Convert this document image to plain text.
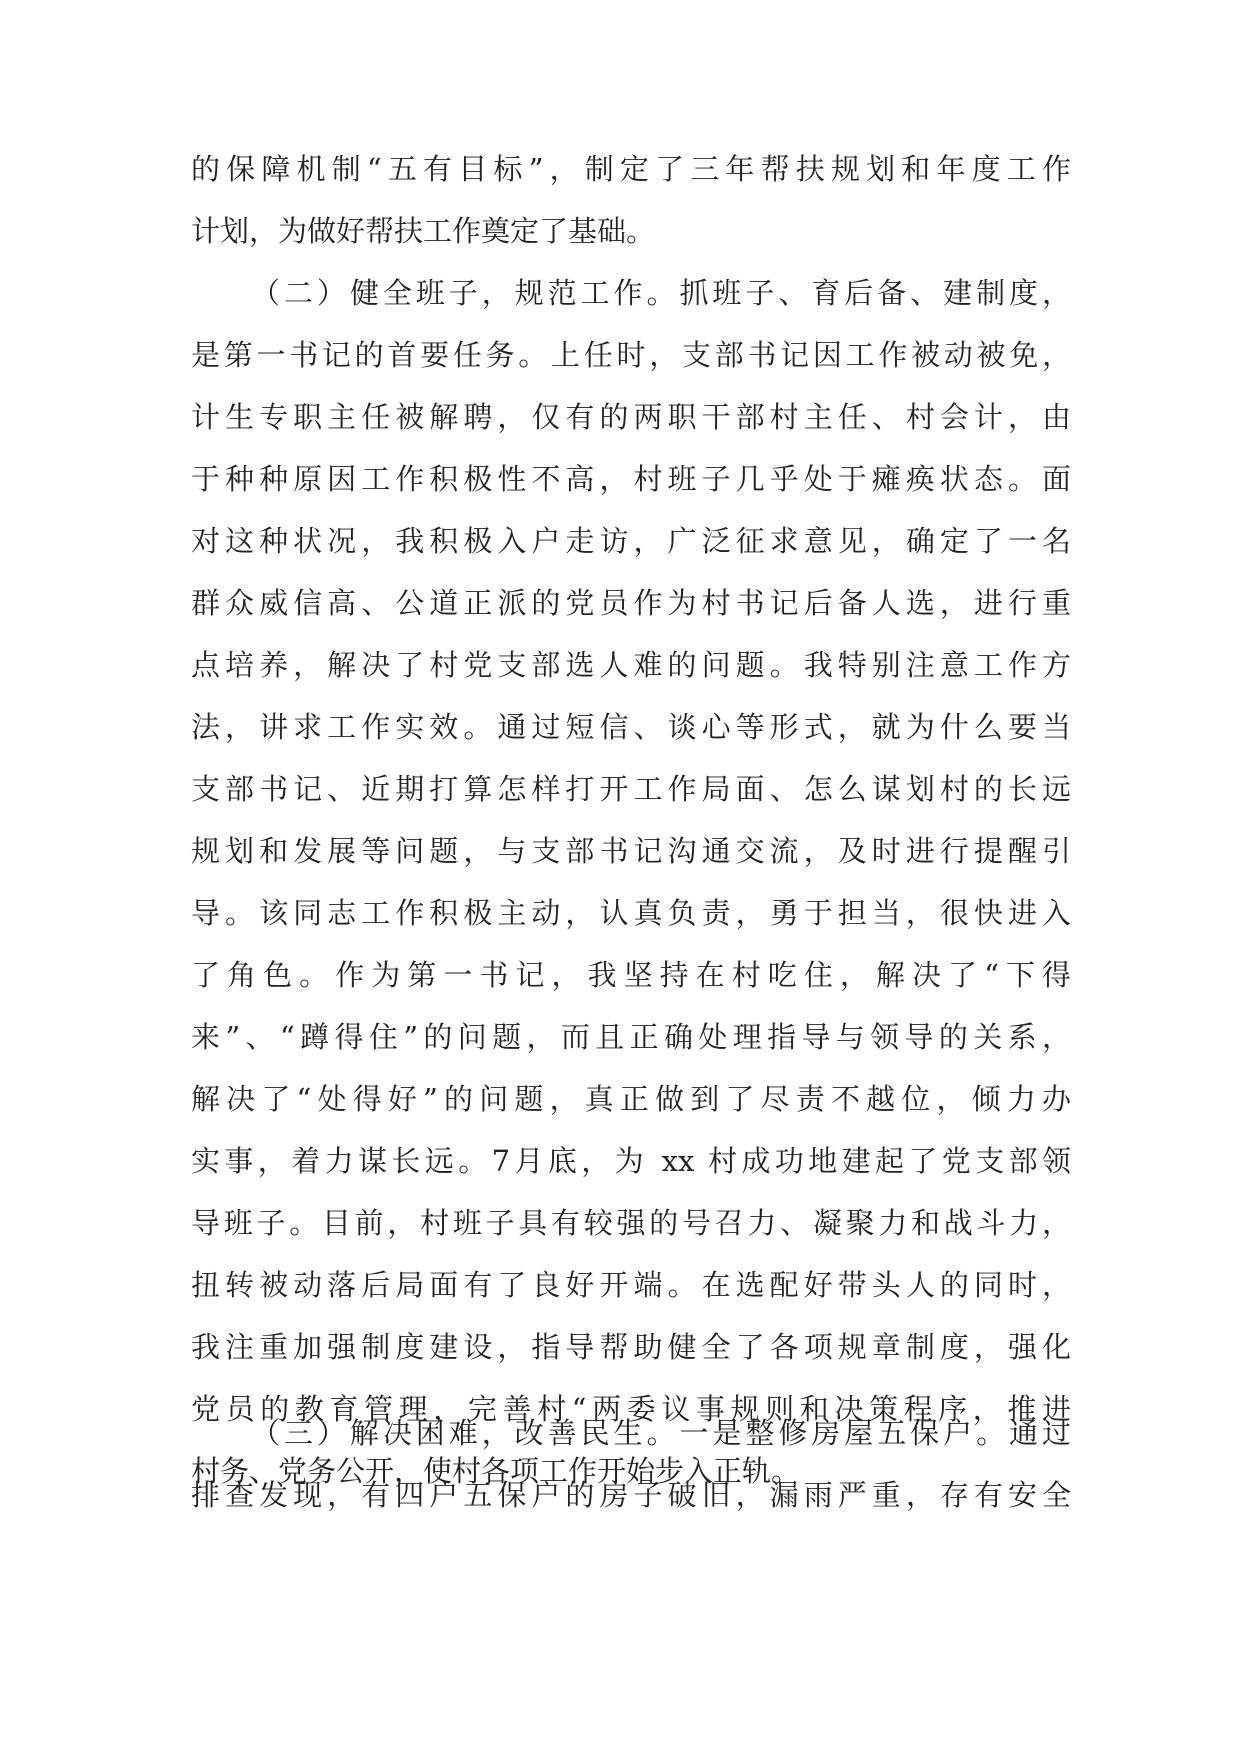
的保障机制“五有目标”，制定了三年帮扶规划和年度工作
计划，为做好帮扶工作奠定了基础。
（二）健全班子，规范工作。抓班子、育后备、建制度，
是第一书记的首要任务。上任时，支部书记因工作被动被免，
计生专职主任被解聘，仅有的两职干部村主任、村会计，由
于种种原因工作积极性不高，村班子几乎处于瘫痪状态。面
对这种状况，我积极入户走访，广泛征求意见，确定了一名
群众威信高、公道正派的党员作为村书记后备人选，进行重
点培养，解决了村党支部选人难的问题。我特别注意工作方
法，讲求工作实效。通过短信、谈心等形式，就为什么要当
支部书记、近期打算怎样打开工作局面、怎么谋划村的长远
规划和发展等问题，与支部书记沟通交流，及时进行提醒引
导。该同志工作积极主动，认真负责，勇于担当，很快进入
了角色。作为第一书记，我坚持在村吃住，解决了“下得
来”、“蹲得住”的问题，而且正确处理指导与领导的关系，
解决了“处得好”的问题，真正做到了尽责不越位，倾力办
实事，着力谋长远。7月底，为 xx 村成功地建起了党支部领
导班子。目前，村班子具有较强的号召力、凝聚力和战斗力，
扭转被动落后局面有了良好开端。在选配好带头人的同时，
我注重加强制度建设，指导帮助健全了各项规章制度，强化
党员的教育管理，完善村“两委议事规则和决策程序，推进
村务、党务公开，使村各项工作开始步入正轨。
（三）解决困难，改善民生。一是整修房屋五保户。通过
排查发现，有四户五保户的房子破旧，漏雨严重，存有安全
